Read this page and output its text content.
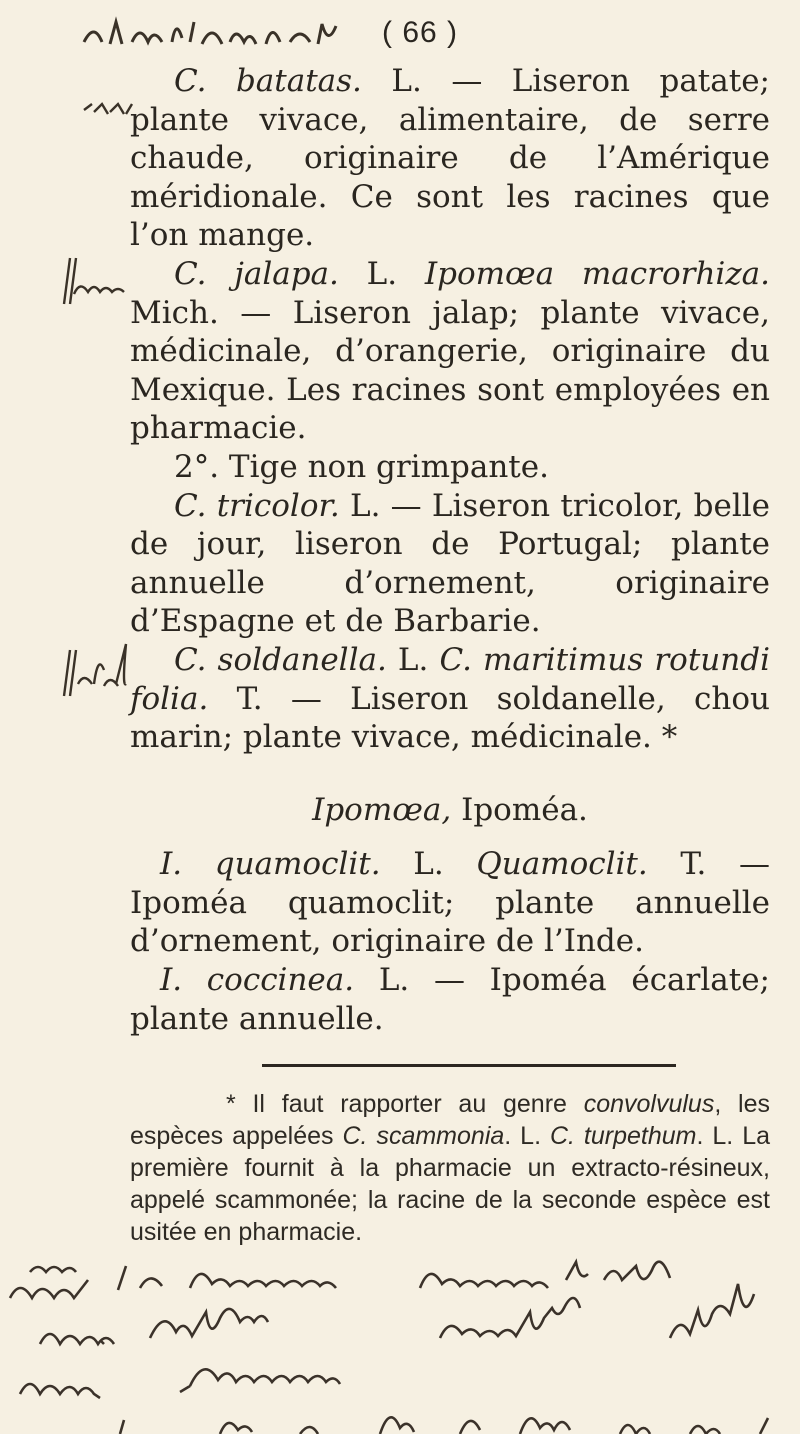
( 66 )

C. batatas. L. — Liseron patate; plante vivace, alimentaire, de serre chaude, originaire de l’Amérique méridionale. Ce sont les racines que l’on mange.

C. jalapa. L. Ipomœa macrorhiza. Mich. — Liseron jalap; plante vivace, médicinale, d’orangerie, originaire du Mexique. Les racines sont employées en pharmacie.

2°. Tige non grimpante.

C. tricolor. L. — Liseron tricolor, belle de jour, liseron de Portugal; plante annuelle d’ornement, originaire d’Espagne et de Barbarie.

C. soldanella. L. C. maritimus rotundi folia. T. — Liseron soldanelle, chou marin; plante vivace, médicinale. *

Ipomœa, Ipoméa.

I. quamoclit. L. Quamoclit. T. — Ipoméa quamoclit; plante annuelle d’ornement, originaire de l’Inde.

I. coccinea. L. — Ipoméa écarlate; plante annuelle.

* Il faut rapporter au genre convolvulus, les espèces appelées C. scammonia. L. C. turpethum. L. La première fournit à la pharmacie un extracto-résineux, appelé scammonée; la racine de la seconde espèce est usitée en pharmacie.
